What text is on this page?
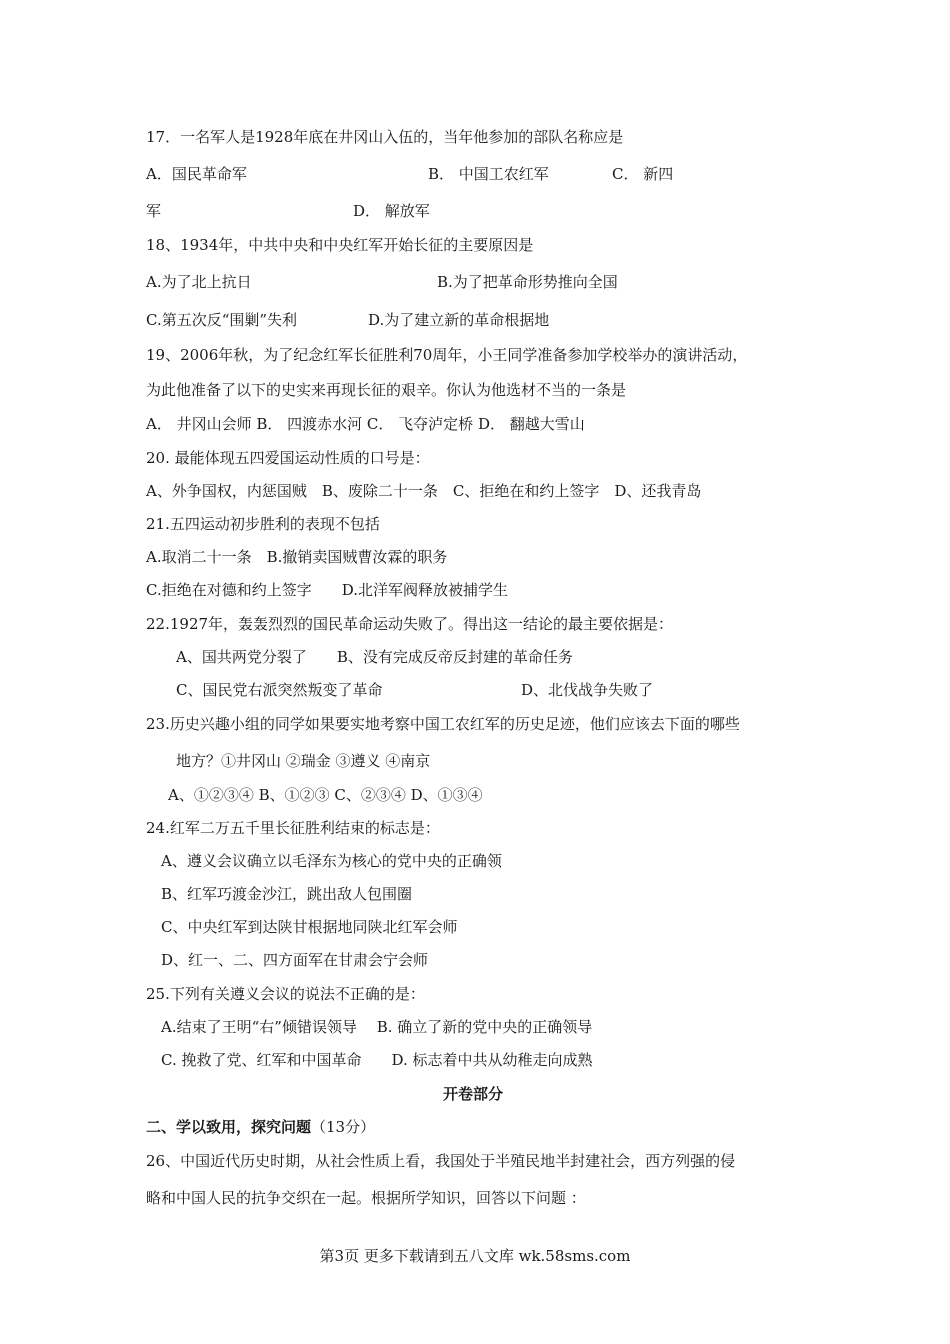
17．一名军人是1928年底在井冈山入伍的，当年他参加的部队名称应是
A．国民革命军	B． 中国工农红军	C． 新四
军	D． 解放军
18、1934年，中共中央和中央红军开始长征的主要原因是
A.为了北上抗日	B.为了把革命形势推向全国
C.第五次反“围剿”失利	D.为了建立新的革命根据地
19、2006年秋，为了纪念红军长征胜利70周年，小王同学准备参加学校举办的演讲活动，
为此他准备了以下的史实来再现长征的艰辛。你认为他选材不当的一条是
A． 井冈山会师 B． 四渡赤水河 C． 飞夺泸定桥 D． 翻越大雪山
20. 最能体现五四爱国运动性质的口号是：
A、外争国权，内惩国贼　B、废除二十一条　C、拒绝在和约上签字　D、还我青岛
21.五四运动初步胜利的表现不包括
A.取消二十一条　B.撤销卖国贼曹汝霖的职务
C.拒绝在对德和约上签字　　D.北洋军阀释放被捕学生
22.1927年，轰轰烈烈的国民革命运动失败了。得出这一结论的最主要依据是：
A、国共两党分裂了　　B、没有完成反帝反封建的革命任务
C、国民党右派突然叛变了革命	D、北伐战争失败了
23.历史兴趣小组的同学如果要实地考察中国工农红军的历史足迹，他们应该去下面的哪些
地方？①井冈山 ②瑞金 ③遵义 ④南京
A、①②③④ B、①②③ C、②③④ D、①③④
24.红军二万五千里长征胜利结束的标志是：
A、遵义会议确立以毛泽东为核心的党中央的正确领
B、红军巧渡金沙江，跳出敌人包围圈
C、中央红军到达陕甘根据地同陕北红军会师
D、红一、二、四方面军在甘肃会宁会师
25.下列有关遵义会议的说法不正确的是：
A.结束了王明“右”倾错误领导　 B. 确立了新的党中央的正确领导
C. 挽救了党、红军和中国革命　　D. 标志着中共从幼稚走向成熟
开卷部分
二、学以致用，探究问题（13分）
26、中国近代历史时期，从社会性质上看，我国处于半殖民地半封建社会，西方列强的侵
略和中国人民的抗争交织在一起。根据所学知识，回答以下问题 ：
第3页 更多下载请到五八文库 wk.58sms.com
